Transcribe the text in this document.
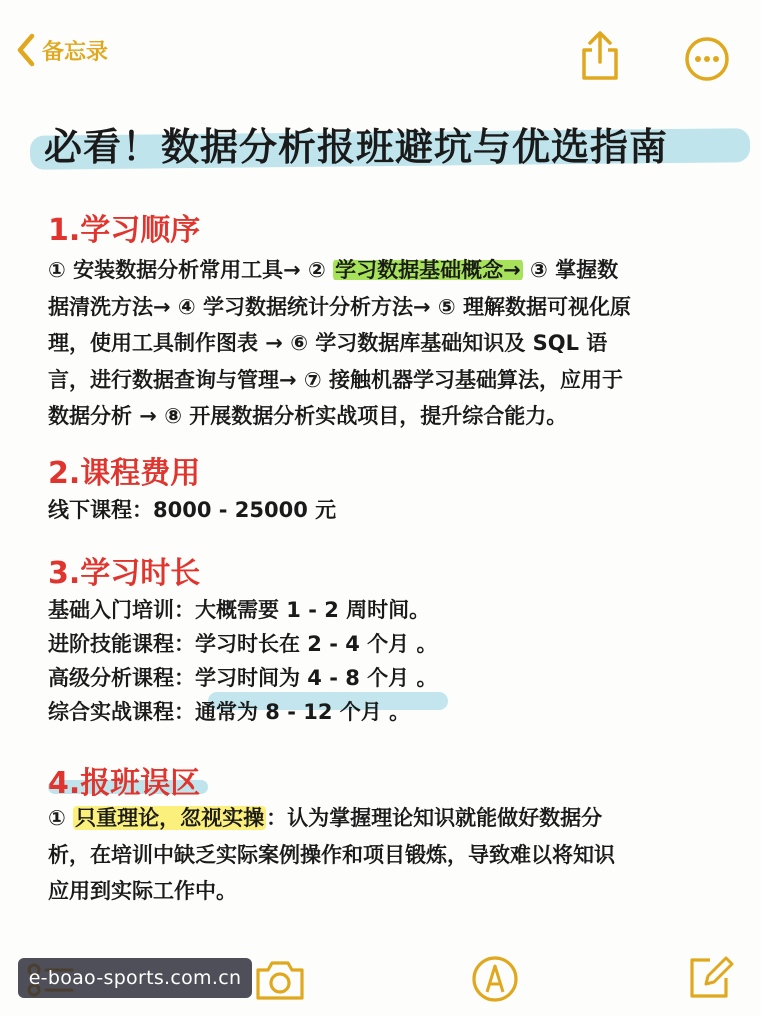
备忘录
必看！数据分析报班避坑与优选指南
1.学习顺序
① 安装数据分析常用工具→ ② 学习数据基础概念→ ③ 掌握数
据清洗方法→ ④ 学习数据统计分析方法→ ⑤ 理解数据可视化原
理，使用工具制作图表 → ⑥ 学习数据库基础知识及 SQL 语
言，进行数据查询与管理→ ⑦ 接触机器学习基础算法，应用于
数据分析 → ⑧ 开展数据分析实战项目，提升综合能力。
2.课程费用
线下课程：8000 - 25000 元
3.学习时长
基础入门培训：大概需要 1 - 2 周时间。
进阶技能课程：学习时长在 2 - 4 个月 。
高级分析课程：学习时间为 4 - 8 个月 。
综合实战课程：通常为 8 - 12 个月 。
4.报班误区
① 只重理论，忽视实操：认为掌握理论知识就能做好数据分
析，在培训中缺乏实际案例操作和项目锻炼，导致难以将知识
应用到实际工作中。
e-boao-sports.com.cn
